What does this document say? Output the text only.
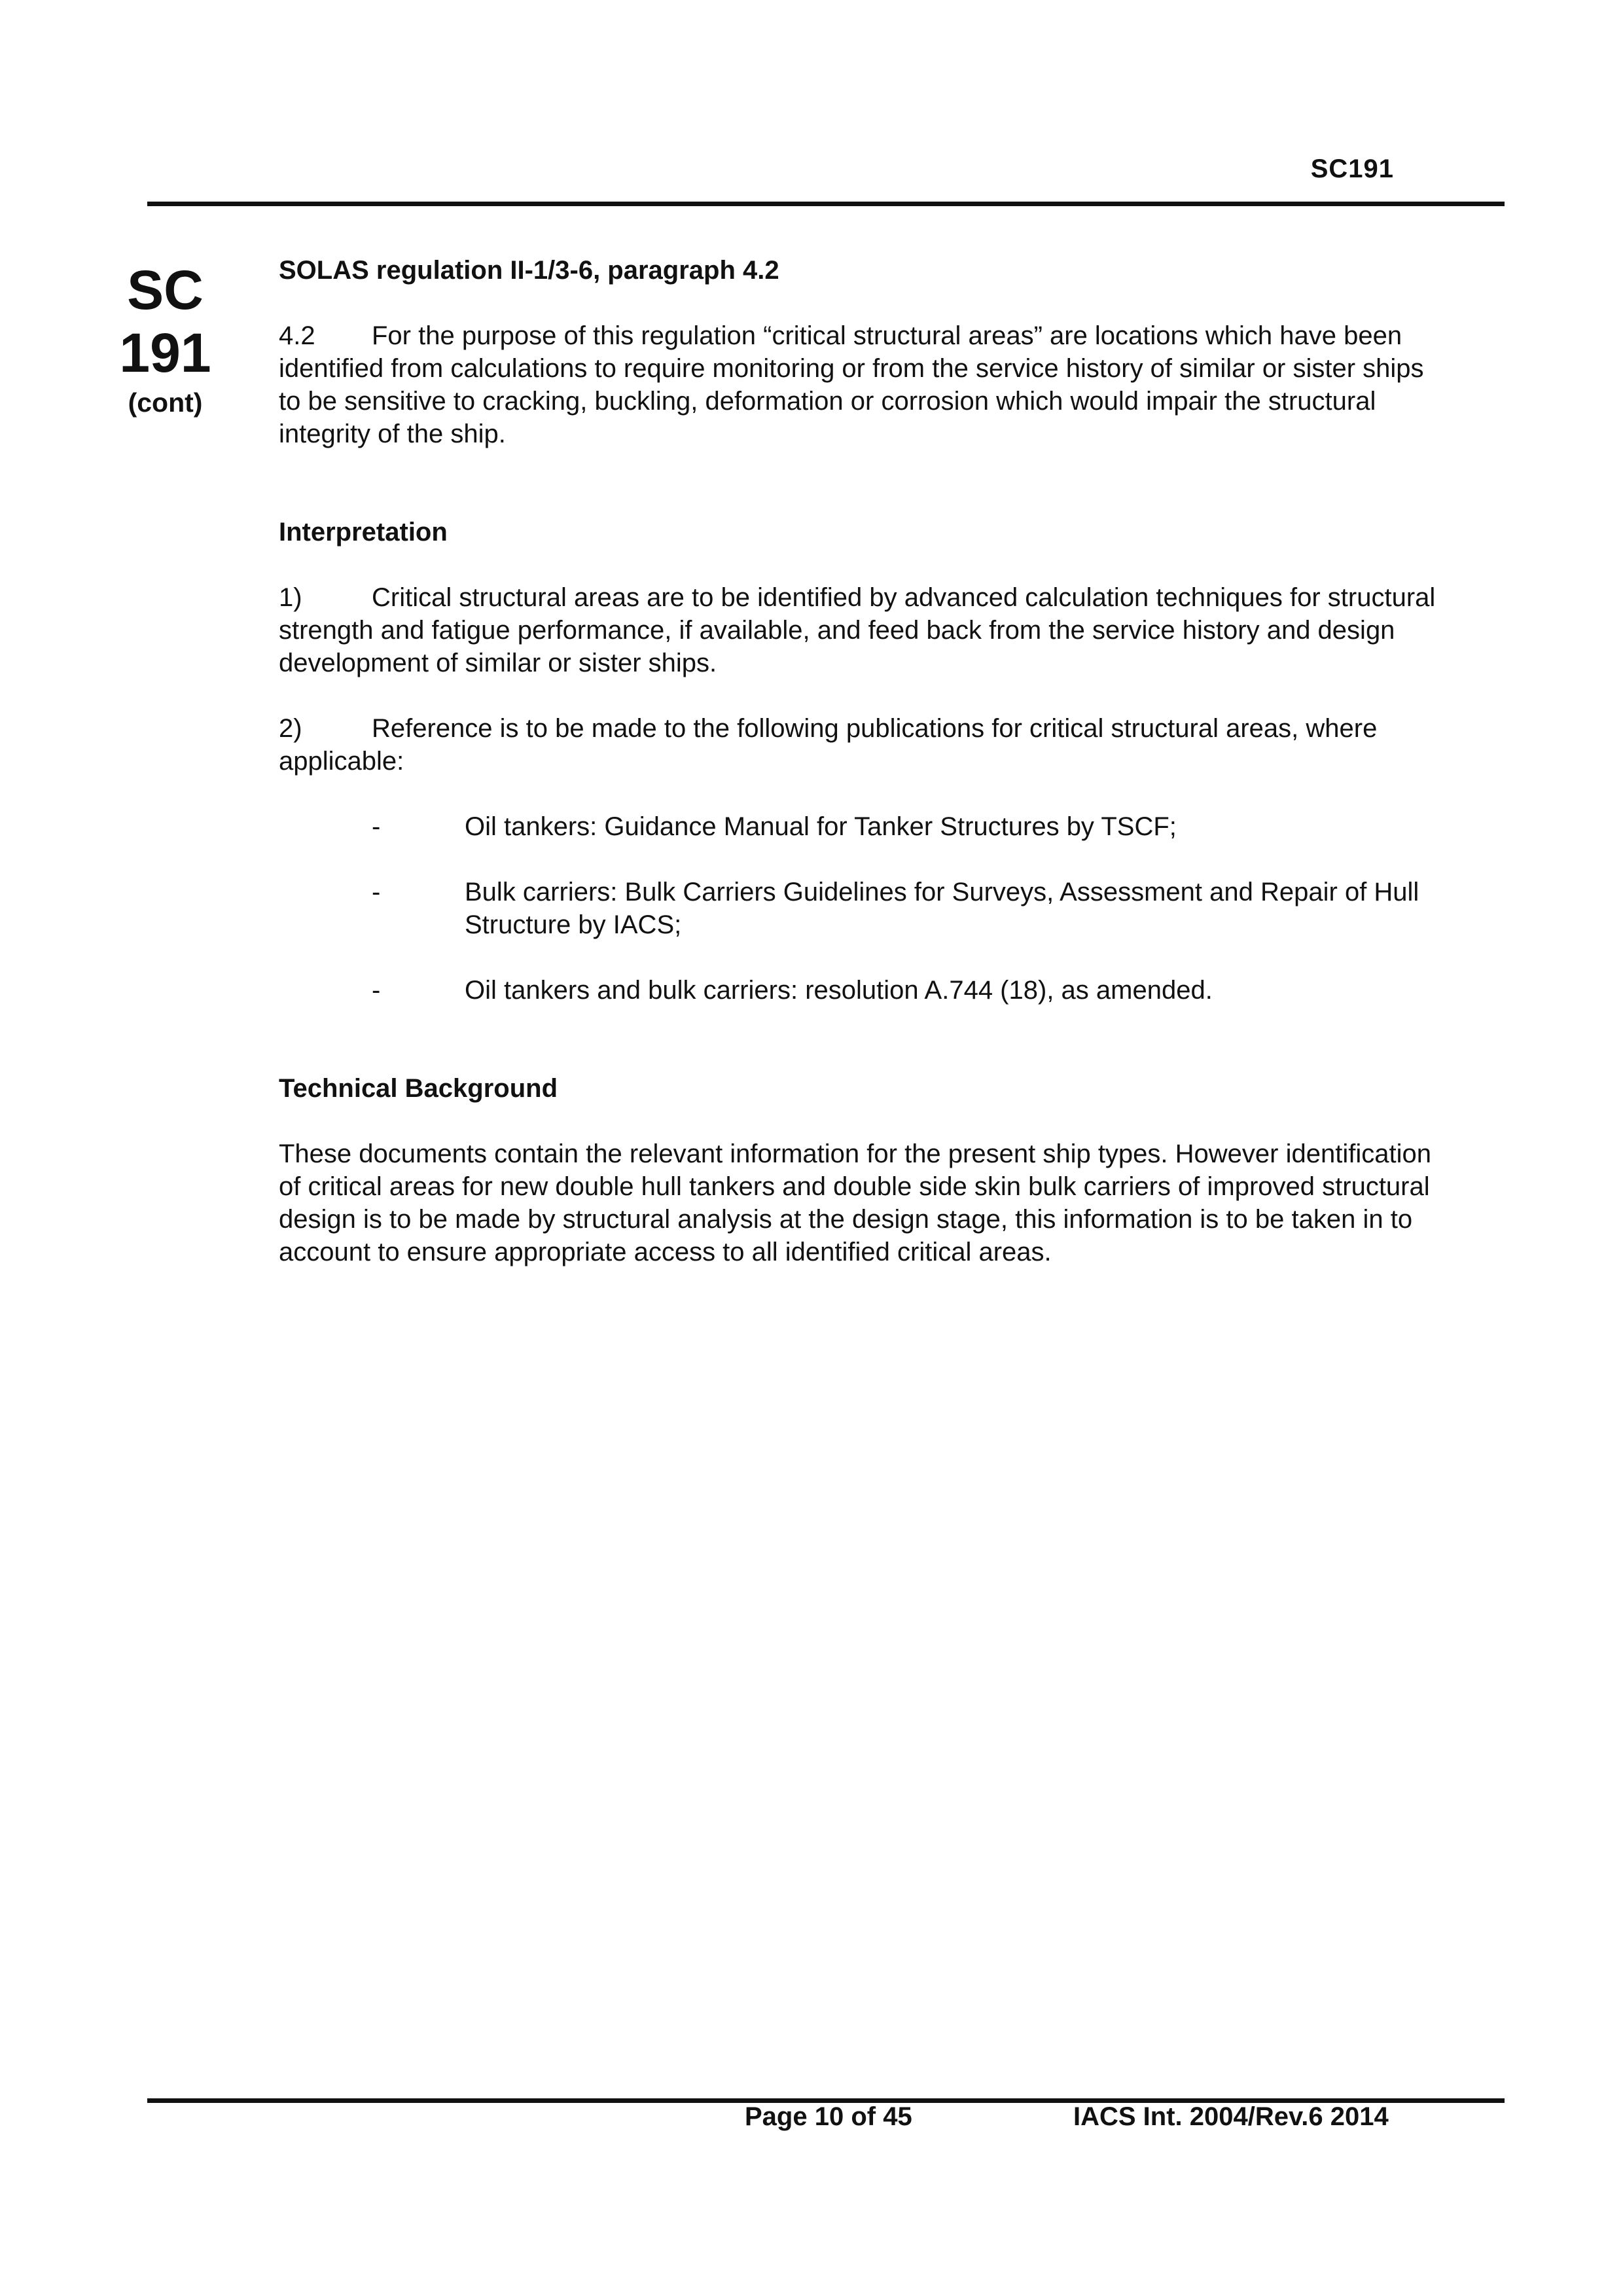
SC191
SC
191
(cont)

SOLAS regulation II-1/3-6, paragraph 4.2

4.2 For the purpose of this regulation “critical structural areas” are locations which have been identified from calculations to require monitoring or from the service history of similar or sister ships to be sensitive to cracking, buckling, deformation or corrosion which would impair the structural integrity of the ship.

Interpretation

1)	Critical structural areas are to be identified by advanced calculation techniques for structural strength and fatigue performance, if available, and feed back from the service history and design development of similar or sister ships.

2)	Reference is to be made to the following publications for critical structural areas, where applicable:

-	Oil tankers: Guidance Manual for Tanker Structures by TSCF;
-	Bulk carriers: Bulk Carriers Guidelines for Surveys, Assessment and Repair of Hull Structure by IACS;
-	Oil tankers and bulk carriers: resolution A.744 (18), as amended.

Technical Background

These documents contain the relevant information for the present ship types. However identification of critical areas for new double hull tankers and double side skin bulk carriers of improved structural design is to be made by structural analysis at the design stage, this information is to be taken in to account to ensure appropriate access to all identified critical areas.

Page 10 of 45	IACS Int. 2004/Rev.6 2014
